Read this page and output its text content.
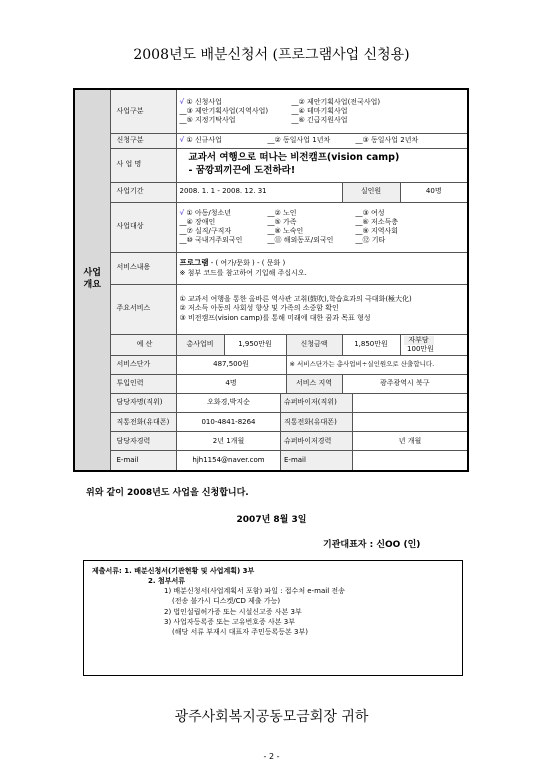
2008년도 배분신청서 (프로그램사업 신청용)
사업
개요	사업구분	√ ① 신청사업	__② 제안기획사업(전국사업)
__③ 제안기획사업(지역사업)	__④ 테마기획사업
__⑤ 지정기탁사업	__⑥ 긴급지원사업
신청구분	√ ① 신규사업	__② 동일사업 1년차	__③ 동일사업 2년차
사 업 명	
교과서 여행으로 떠나는 비전캠프(vision camp)
- 꿈깡꾀끼끈에 도전하라!

사업기간	2008. 1. 1 - 2008. 12. 31	실인원	40명
사업대상	√ ① 아동/청소년	__② 노인	__③ 여성
__④ 장애인	__⑤ 가족	__⑥ 저소득층
__⑦ 실직/구직자	__⑧ 노숙인	__⑨ 지역사회
__⑩ 국내거주외국인	__⑪ 해외동포/외국인	__⑫ 기타
서비스내용	
프로그램 - ( 여가/문화 ) - ( 문화 )
※ 첨부 코드를 참고하여 기입해 주십시오.

주요서비스	
① 교과서 여행을 통한 올바른 역사관 고취(鼓吹),학습효과의 극대화(極大化)
② 저소득 아동의 사회성 향상 및 가족의 소중함 확인
③ 비전캠프(vision camp)를 통해 미래에 대한 꿈과 목표 형성

예 산	총사업비	1,950만원	신청금액	1,850만원	자부담 100만원
서비스단가	487,500원	※ 서비스단가는 총사업비÷실인원으로 산출합니다.
투입인력	4명	서비스 지역	광주광역시 북구

담당자명(직위)	오화경,박지순	슈퍼바이저(직위)	
직통전화(유대폰)	010-4841-8264	직통전화(유대폰)	
담당자경력	2년 1개월	슈퍼바이저경력	년 개월
E-mail	hjh1154@naver.com	E-mail	
위와 같이 2008년도 사업을 신청합니다.
2007년 8월 3일
기관대표자 : 신OO (인)
제출서류: 1. 배분신청서(기관현황 및 사업계획) 3부
2. 첨부서류
1) 배분신청서(사업계획서 포함) 파일 : 접수처 e-mail 전송
(전송 불가시 디스켓/CD 제출 가능)
2) 법인설립허가증 또는 시설신고증 사본 3부
3) 사업자등록증 또는 고유번호증 사본 3부
(해당 서류 부재시 대표자 주민등록등본 3부)
광주사회복지공동모금회장 귀하
- 2 -
